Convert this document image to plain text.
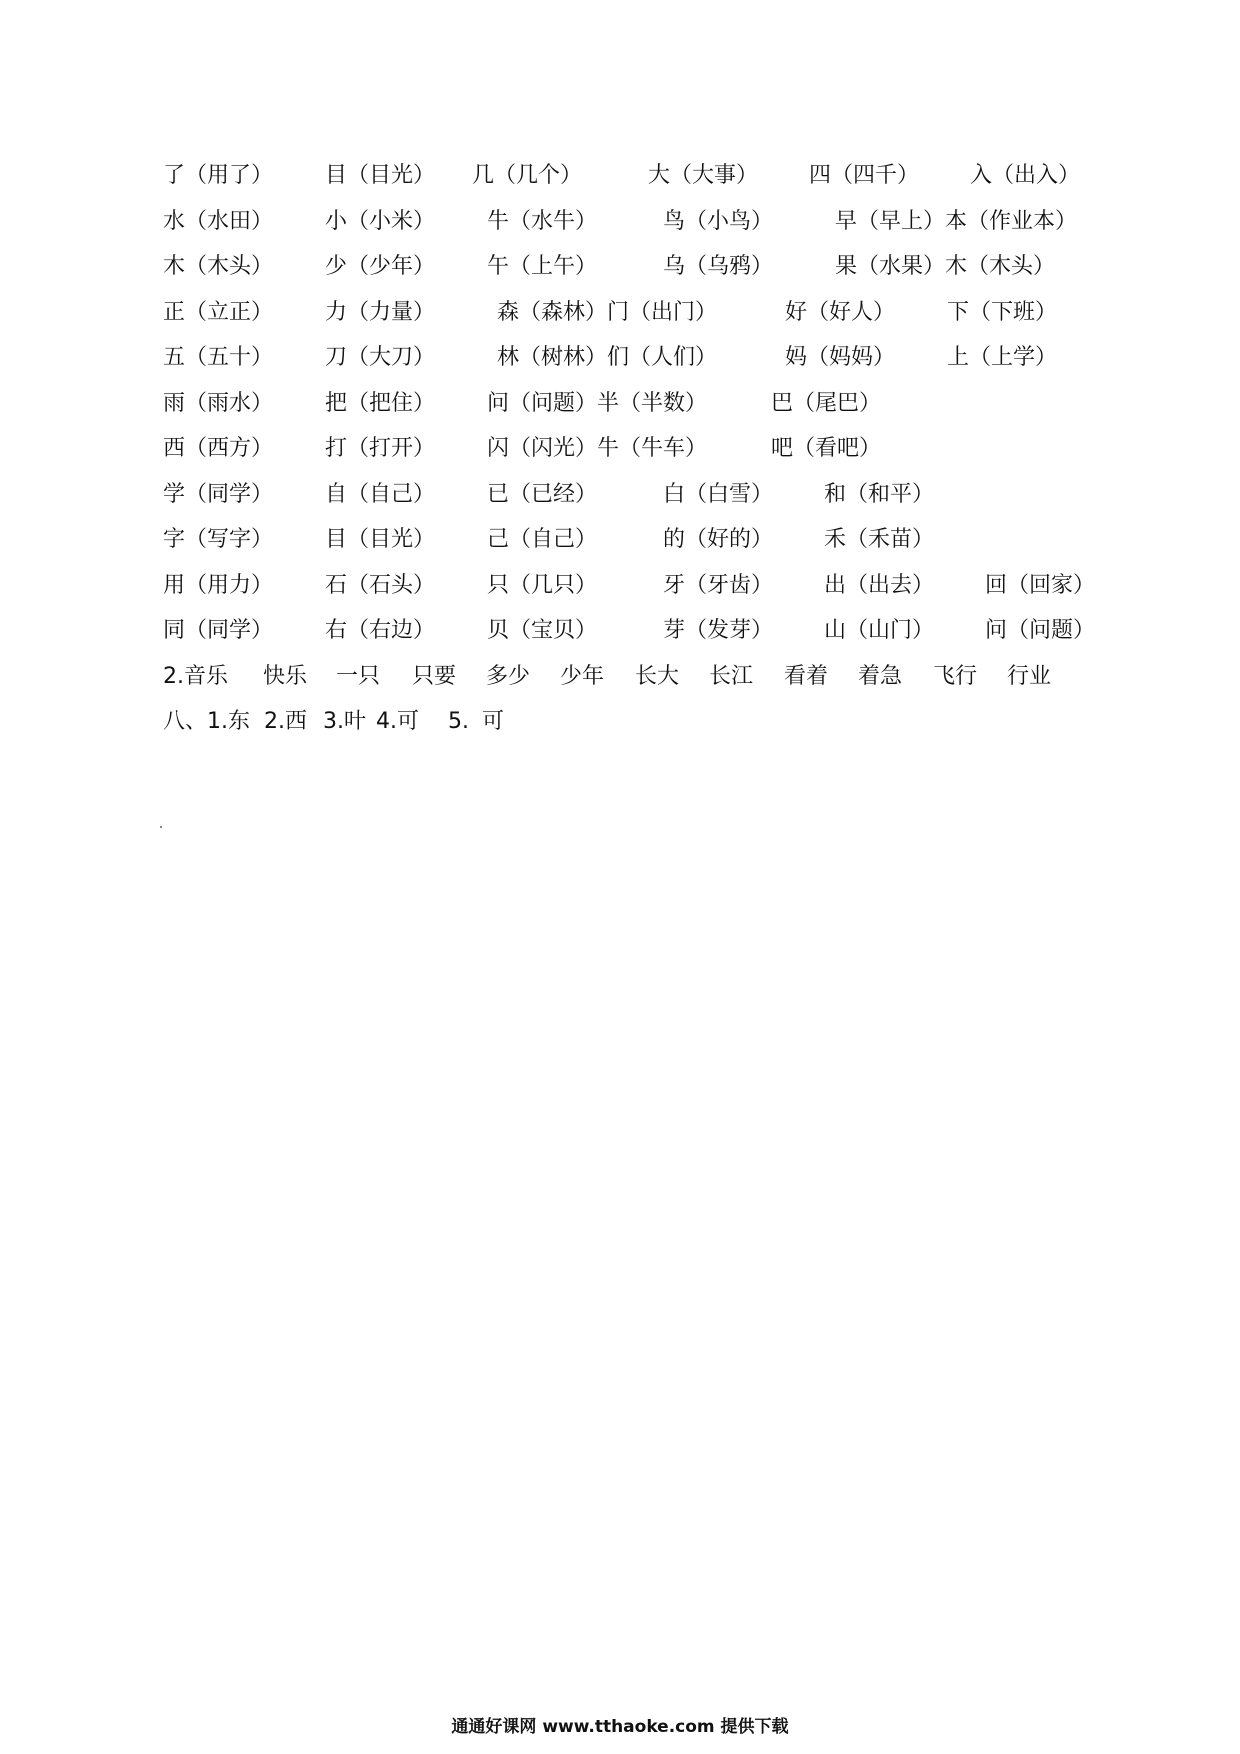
了（用了） 目（目光） 几（几个）	大（大事） 四（四千） 入（出入）
水（水田） 小（小米） 牛（水牛）	鸟（小鸟）	早（早上）本（作业本）
木（木头） 少（少年） 午（上午）	乌（乌鸦）	果（水果）木（木头）
正（立正） 力（力量）	森（森林）门（出门）	好（好人） 下（下班）
五（五十） 刀（大刀）	林（树林）们（人们）	妈（妈妈） 上（上学）
雨（雨水） 把（把住） 问（问题）半（半数）	巴（尾巴）
西（西方） 打（打开） 闪（闪光）牛（牛车）	吧（看吧）
学（同学） 自（自己） 已（已经）	白（白雪） 和（和平）
字（写字） 目（目光） 己（自己）	的（好的） 禾（禾苗）
用（用力） 石（石头） 只（几只）	牙（牙齿） 出（出去） 回（回家）
同（同学） 右（右边） 贝（宝贝）	芽（发芽） 山（山门） 问（问题）
2.音乐 快乐 一只 只要 多少 少年 长大 长江 看着 着急 飞行 行业
八、1.东 2.西 3.叶 4.可 5. 可
通通好课网 www.tthaoke.com 提供下载
